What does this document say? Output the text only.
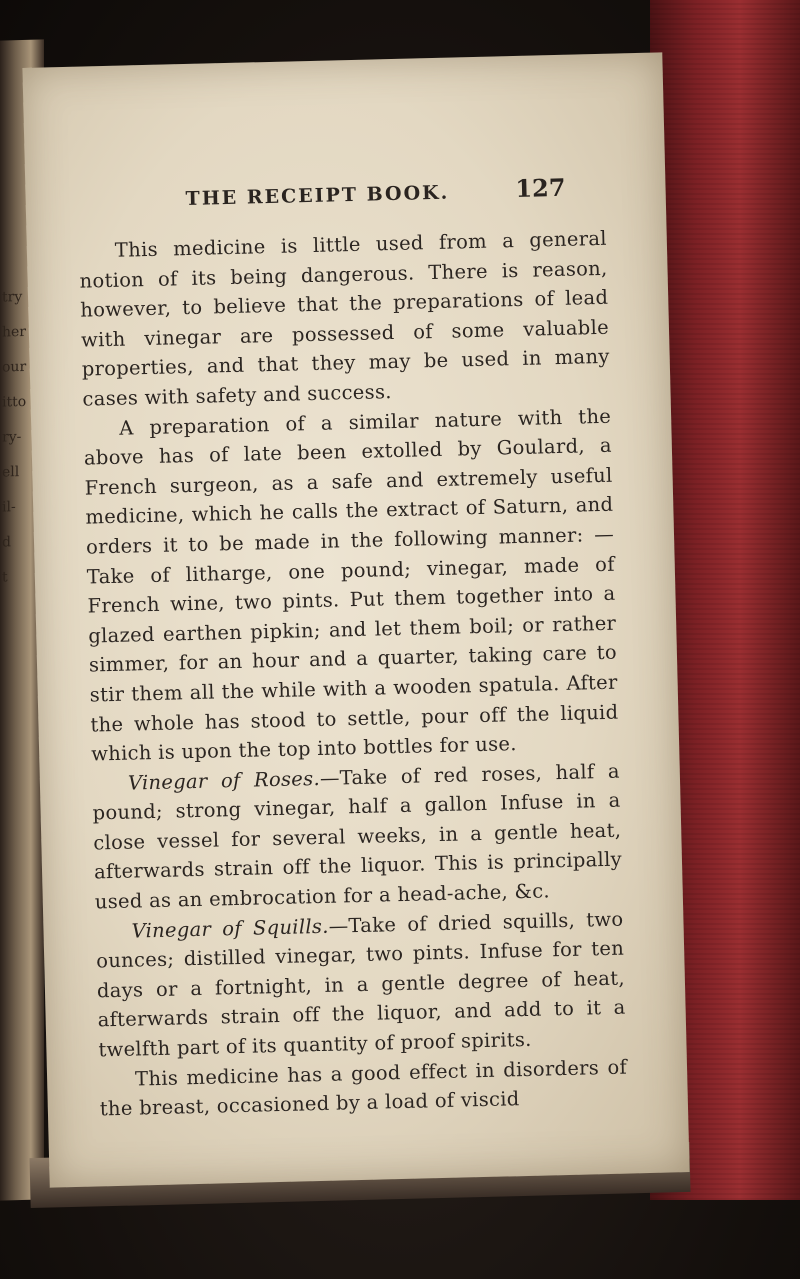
try
her
our
itto
ry-
ell
il-
d
t
THE RECEIPT BOOK.	127

This medicine is little used from a general notion of its being dangerous. There is reason, however, to believe that the preparations of lead with vinegar are possessed of some valuable properties, and that they may be used in many cases with safety and success.

A preparation of a similar nature with the above has of late been extolled by Goulard, a French surgeon, as a safe and extremely useful medicine, which he calls the extract of Saturn, and orders it to be made in the following manner: —Take of litharge, one pound; vinegar, made of French wine, two pints. Put them together into a glazed earthen pipkin; and let them boil; or rather simmer, for an hour and a quarter, taking care to stir them all the while with a wooden spatula. After the whole has stood to settle, pour off the liquid which is upon the top into bottles for use.

Vinegar of Roses.—Take of red roses, half a pound; strong vinegar, half a gallon Infuse in a close vessel for several weeks, in a gentle heat, afterwards strain off the liquor. This is principally used as an embrocation for a head-ache, &c.

Vinegar of Squills.—Take of dried squills, two ounces; distilled vinegar, two pints. Infuse for ten days or a fortnight, in a gentle degree of heat, afterwards strain off the liquor, and add to it a twelfth part of its quantity of proof spirits.

This medicine has a good effect in disorders of the breast, occasioned by a load of viscid
